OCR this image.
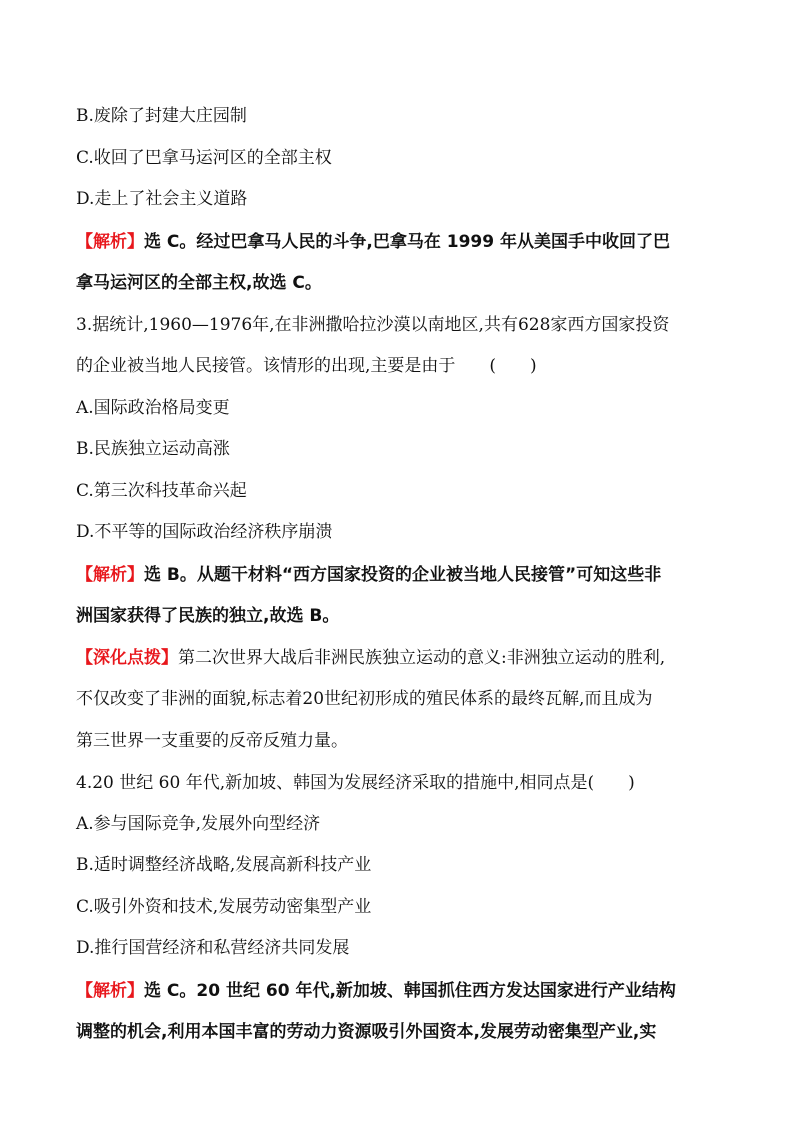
B.废除了封建大庄园制
C.收回了巴拿马运河区的全部主权
D.走上了社会主义道路
【解析】选 C。经过巴拿马人民的斗争,巴拿马在 1999 年从美国手中收回了巴
拿马运河区的全部主权,故选 C。
3.据统计,1960—1976年,在非洲撒哈拉沙漠以南地区,共有628家西方国家投资
的企业被当地人民接管。该情形的出现,主要是由于　　(　　)
A.国际政治格局变更
B.民族独立运动高涨
C.第三次科技革命兴起
D.不平等的国际政治经济秩序崩溃
【解析】选 B。从题干材料“西方国家投资的企业被当地人民接管”可知这些非
洲国家获得了民族的独立,故选 B。
【深化点拨】第二次世界大战后非洲民族独立运动的意义:非洲独立运动的胜利,
不仅改变了非洲的面貌,标志着20世纪初形成的殖民体系的最终瓦解,而且成为
第三世界一支重要的反帝反殖力量。
4.20 世纪 60 年代,新加坡、韩国为发展经济采取的措施中,相同点是(　　)
A.参与国际竞争,发展外向型经济
B.适时调整经济战略,发展高新科技产业
C.吸引外资和技术,发展劳动密集型产业
D.推行国营经济和私营经济共同发展
【解析】选 C。20 世纪 60 年代,新加坡、韩国抓住西方发达国家进行产业结构
调整的机会,利用本国丰富的劳动力资源吸引外国资本,发展劳动密集型产业,实
